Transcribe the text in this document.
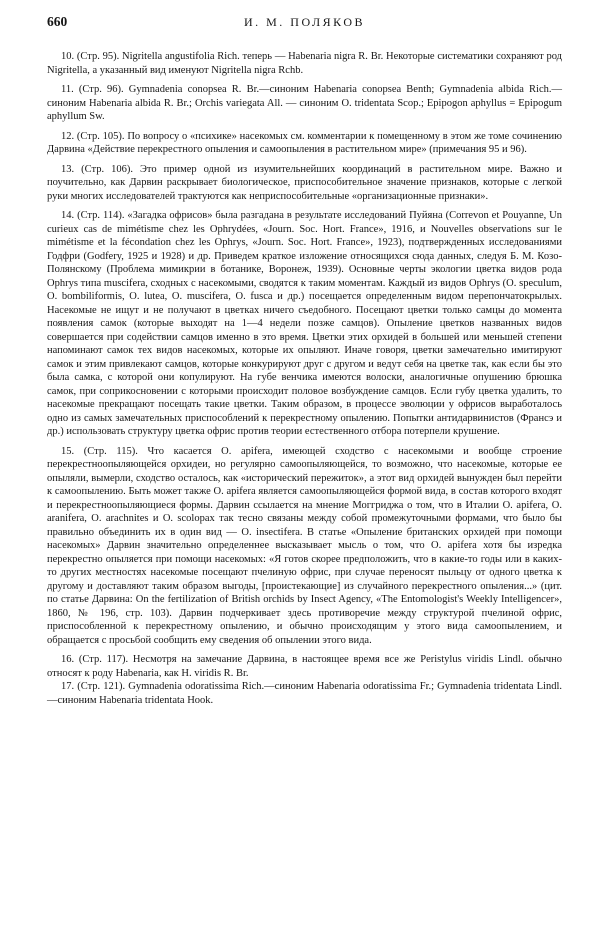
660	И. М. ПОЛЯКОВ

10. (Стр. 95). Nigritella angustifolia Rich. теперь — Habenaria nigra R. Br. Некоторые систематики сохраняют род Nigritella, а указанный вид именуют Nigritella nigra Rchb.

11. (Стр. 96). Gymnadenia conopsea R. Br.—синоним Habenaria conopsea Benth; Gymnadenia albida Rich.—синоним Habenaria albida R. Br.; Orchis variegata All. — синоним O. tridentata Scop.; Epipogon aphyllus = Epipogum aphyllum Sw.

12. (Стр. 105). По вопросу о «психике» насекомых см. комментарии к помещенному в этом же томе сочинению Дарвина «Действие перекрестного опыления и самоопыления в растительном мире» (примечания 95 и 96).

13. (Стр. 106). Это пример одной из изумительнейших координаций в растительном мире. Важно и поучительно, как Дарвин раскрывает биологическое, приспособительное значение признаков, которые с легкой руки многих исследователей трактуются как неприспособительные «организационные признаки».

14. (Стр. 114). «Загадка офрисов» была разгадана в результате исследований Пуйяна (Correvon et Pouyanne, Un curieux cas de mimétisme chez les Ophrydées, «Journ. Soc. Hort. France», 1916, и Nouvelles observations sur le mimétisme et la fécondation chez les Ophrys, «Journ. Soc. Hort. France», 1923), подтвержденных исследованиями Годфри (Godfery, 1925 и 1928) и др. Приведем краткое изложение относящихся сюда данных, следуя Б. М. Козо-Полянскому (Проблема мимикрии в ботанике, Воронеж, 1939). Основные черты экологии цветка видов рода Ophrys типа muscifera, сходных с насекомыми, сводятся к таким моментам. Каждый из видов Ophrys (O. speculum, O. bombiliformis, O. lutea, O. muscifera, O. fusca и др.) посещается определенным видом перепончатокрылых. Насекомые не ищут и не получают в цветках ничего съедобного. Посещают цветки только самцы до момента появления самок (которые выходят на 1—4 недели позже самцов). Опыление цветков названных видов совершается при содействии самцов именно в это время. Цветки этих орхидей в большей или меньшей степени напоминают самок тех видов насекомых, которые их опыляют. Иначе говоря, цветки замечательно имитируют самок и этим привлекают самцов, которые конкурируют друг с другом и ведут себя на цветке так, как если бы это была самка, с которой они копулируют. На губе венчика имеются волоски, аналогичные опушению брюшка самок, при соприкосновении с которыми происходит половое возбуждение самцов. Если губу цветка удалить, то насекомые прекращают посещать такие цветки. Таким образом, в процессе эволюции у офрисов выработалось одно из самых замечательных приспособлений к перекрестному опылению. Попытки антидарвинистов (Франсэ и др.) использовать структуру цветка офрис против теории естественного отбора потерпели крушение.

15. (Стр. 115). Что касается O. apifera, имеющей сходство с насекомыми и вообще строение перекрестноопыляющейся орхидеи, но регулярно самоопыляющейся, то возможно, что насекомые, которые ее опыляли, вымерли, сходство осталось, как «исторический пережиток», а этот вид орхидей вынужден был перейти к самоопылению. Быть может также O. apifera является самоопыляющейся формой вида, в состав которого входят и перекрестноопыляющиеся формы. Дарвин ссылается на мнение Моггриджа о том, что в Италии O. apifera, O. aranifera, O. arachnites и O. scolopax так тесно связаны между собой промежуточными формами, что было бы правильно объединить их в один вид — O. insectifera. В статье «Опыление британских орхидей при помощи насекомых» Дарвин значительно определеннее высказывает мысль о том, что O. apifera хотя бы изредка перекрестно опыляется при помощи насекомых: «Я готов скорее предположить, что в какие-то годы или в каких-то других местностях насекомые посещают пчелиную офрис, при случае переносят пыльцу от одного цветка к другому и доставляют таким образом выгоды, [проистекающие] из случайного перекрестного опыления...» (цит. по статье Дарвина: On the fertilization of British orchids by Insect Agency, «The Entomologist's Weekly Intelligencer», 1860, № 196, стр. 103). Дарвин подчеркивает здесь противоречие между структурой пчелиной офрис, приспособленной к перекрестному опылению, и обычно происходящим у этого вида самоопылением, и обращается с просьбой сообщить ему сведения об опылении этого вида.

16. (Стр. 117). Несмотря на замечание Дарвина, в настоящее время все же Peristylus viridis Lindl. обычно относят к роду Habenaria, как H. viridis R. Br.

17. (Стр. 121). Gymnadenia odoratissima Rich.—синоним Habenaria odoratissima Fr.; Gymnadenia tridentata Lindl.—синоним Habenaria tridentata Hook.
